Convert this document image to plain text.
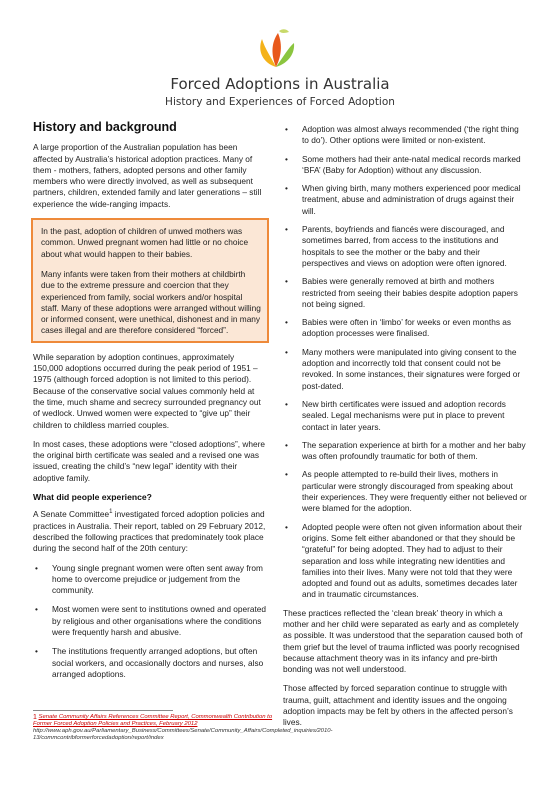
Forced Adoptions in Australia
History and Experiences of Forced Adoption
History and background

A large proportion of the Australian population has been affected by Australia’s historical adoption practices. Many of them - mothers, fathers, adopted persons and other family members who were directly involved, as well as subsequent partners, children, extended family and later generations – still experience the wide-ranging impacts.

In the past, adoption of children of unwed mothers was common. Unwed pregnant women had little or no choice about what would happen to their babies.

Many infants were taken from their mothers at childbirth due to the extreme pressure and coercion that they experienced from family, social workers and/or hospital staff. Many of these adoptions were arranged without willing or informed consent, were unethical, dishonest and in many cases illegal and are therefore considered “forced”.

While separation by adoption continues, approximately 150,000 adoptions occurred during the peak period of 1951 – 1975 (although forced adoption is not limited to this period). Because of the conservative social values commonly held at the time, much shame and secrecy surrounded pregnancy out of wedlock. Unwed women were expected to “give up” their children to childless married couples.

In most cases, these adoptions were “closed adoptions”, where the original birth certificate was sealed and a revised one was issued, creating the child’s “new legal” identity with their adoptive family.

What did people experience?

A Senate Committee$^1$ investigated forced adoption policies and practices in Australia. Their report, tabled on 29 February 2012, described the following practices that predominately took place during the second half of the 20th century:

• Young single pregnant women were often sent away from home to overcome prejudice or judgement from the community.
• Most women were sent to institutions owned and operated by religious and other organisations where the conditions were frequently harsh and abusive.
• The institutions frequently arranged adoptions, but often social workers, and occasionally doctors and nurses, also arranged adoptions.
• Adoption was almost always recommended (‘the right thing to do’). Other options were limited or non-existent.
• Some mothers had their ante-natal medical records marked ‘BFA’ (Baby for Adoption) without any discussion.
• When giving birth, many mothers experienced poor medical treatment, abuse and administration of drugs against their will.
• Parents, boyfriends and fiancés were discouraged, and sometimes barred, from access to the institutions and hospitals to see the mother or the baby and their perspectives and views on adoption were often ignored.
• Babies were generally removed at birth and mothers restricted from seeing their babies despite adoption papers not being signed.
• Babies were often in ‘limbo’ for weeks or even months as adoption processes were finalised.
• Many mothers were manipulated into giving consent to the adoption and incorrectly told that consent could not be revoked. In some instances, their signatures were forged or post-dated.
• New birth certificates were issued and adoption records sealed. Legal mechanisms were put in place to prevent contact in later years.
• The separation experience at birth for a mother and her baby was often profoundly traumatic for both of them.
• As people attempted to re-build their lives, mothers in particular were strongly discouraged from speaking about their experiences. They were frequently either not believed or were blamed for the adoption.
• Adopted people were often not given information about their origins. Some felt either abandoned or that they should be “grateful” for being adopted. They had to adjust to their separation and loss while integrating new identities and families into their lives. Many were not told that they were adopted and found out as adults, sometimes decades later and in traumatic circumstances.

These practices reflected the ‘clean break’ theory in which a mother and her child were separated as early and as completely as possible. It was understood that the separation caused both of them grief but the level of trauma inflicted was poorly recognised because attachment theory was in its infancy and pre-birth bonding was not well understood.

Those affected by forced separation continue to struggle with trauma, guilt, attachment and identity issues and the ongoing adoption impacts may be felt by others in the affected person’s lives.

1 Senate Community Affairs References Committee Report, Commonwealth Contribution to Former Forced Adoption Policies and Practices, February 2012
http://www.aph.gov.au/Parliamentary_Business/Committees/Senate/Community_Affairs/Completed_inquiries/2010-13/commcontribformerforcedadoption/report/index
